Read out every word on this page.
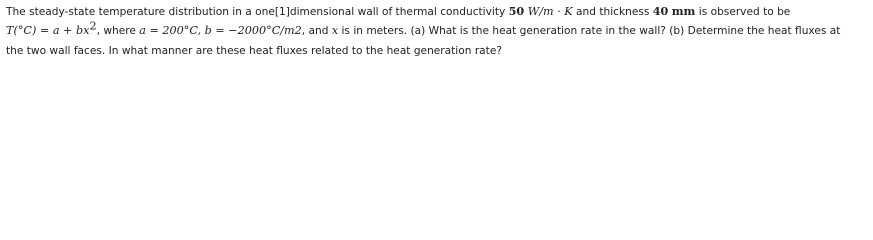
The steady-state temperature distribution in a one[1]dimensional wall of thermal conductivity 50 W/m · K and thickness 40 mm is observed to be
$T(^\circ C) = a + bx^2$, where a = 200°C, b = −2000°C/m2, and x is in meters. (a) What is the heat generation rate in the wall? (b) Determine the heat fluxes at
the two wall faces. In what manner are these heat fluxes related to the heat generation rate?
